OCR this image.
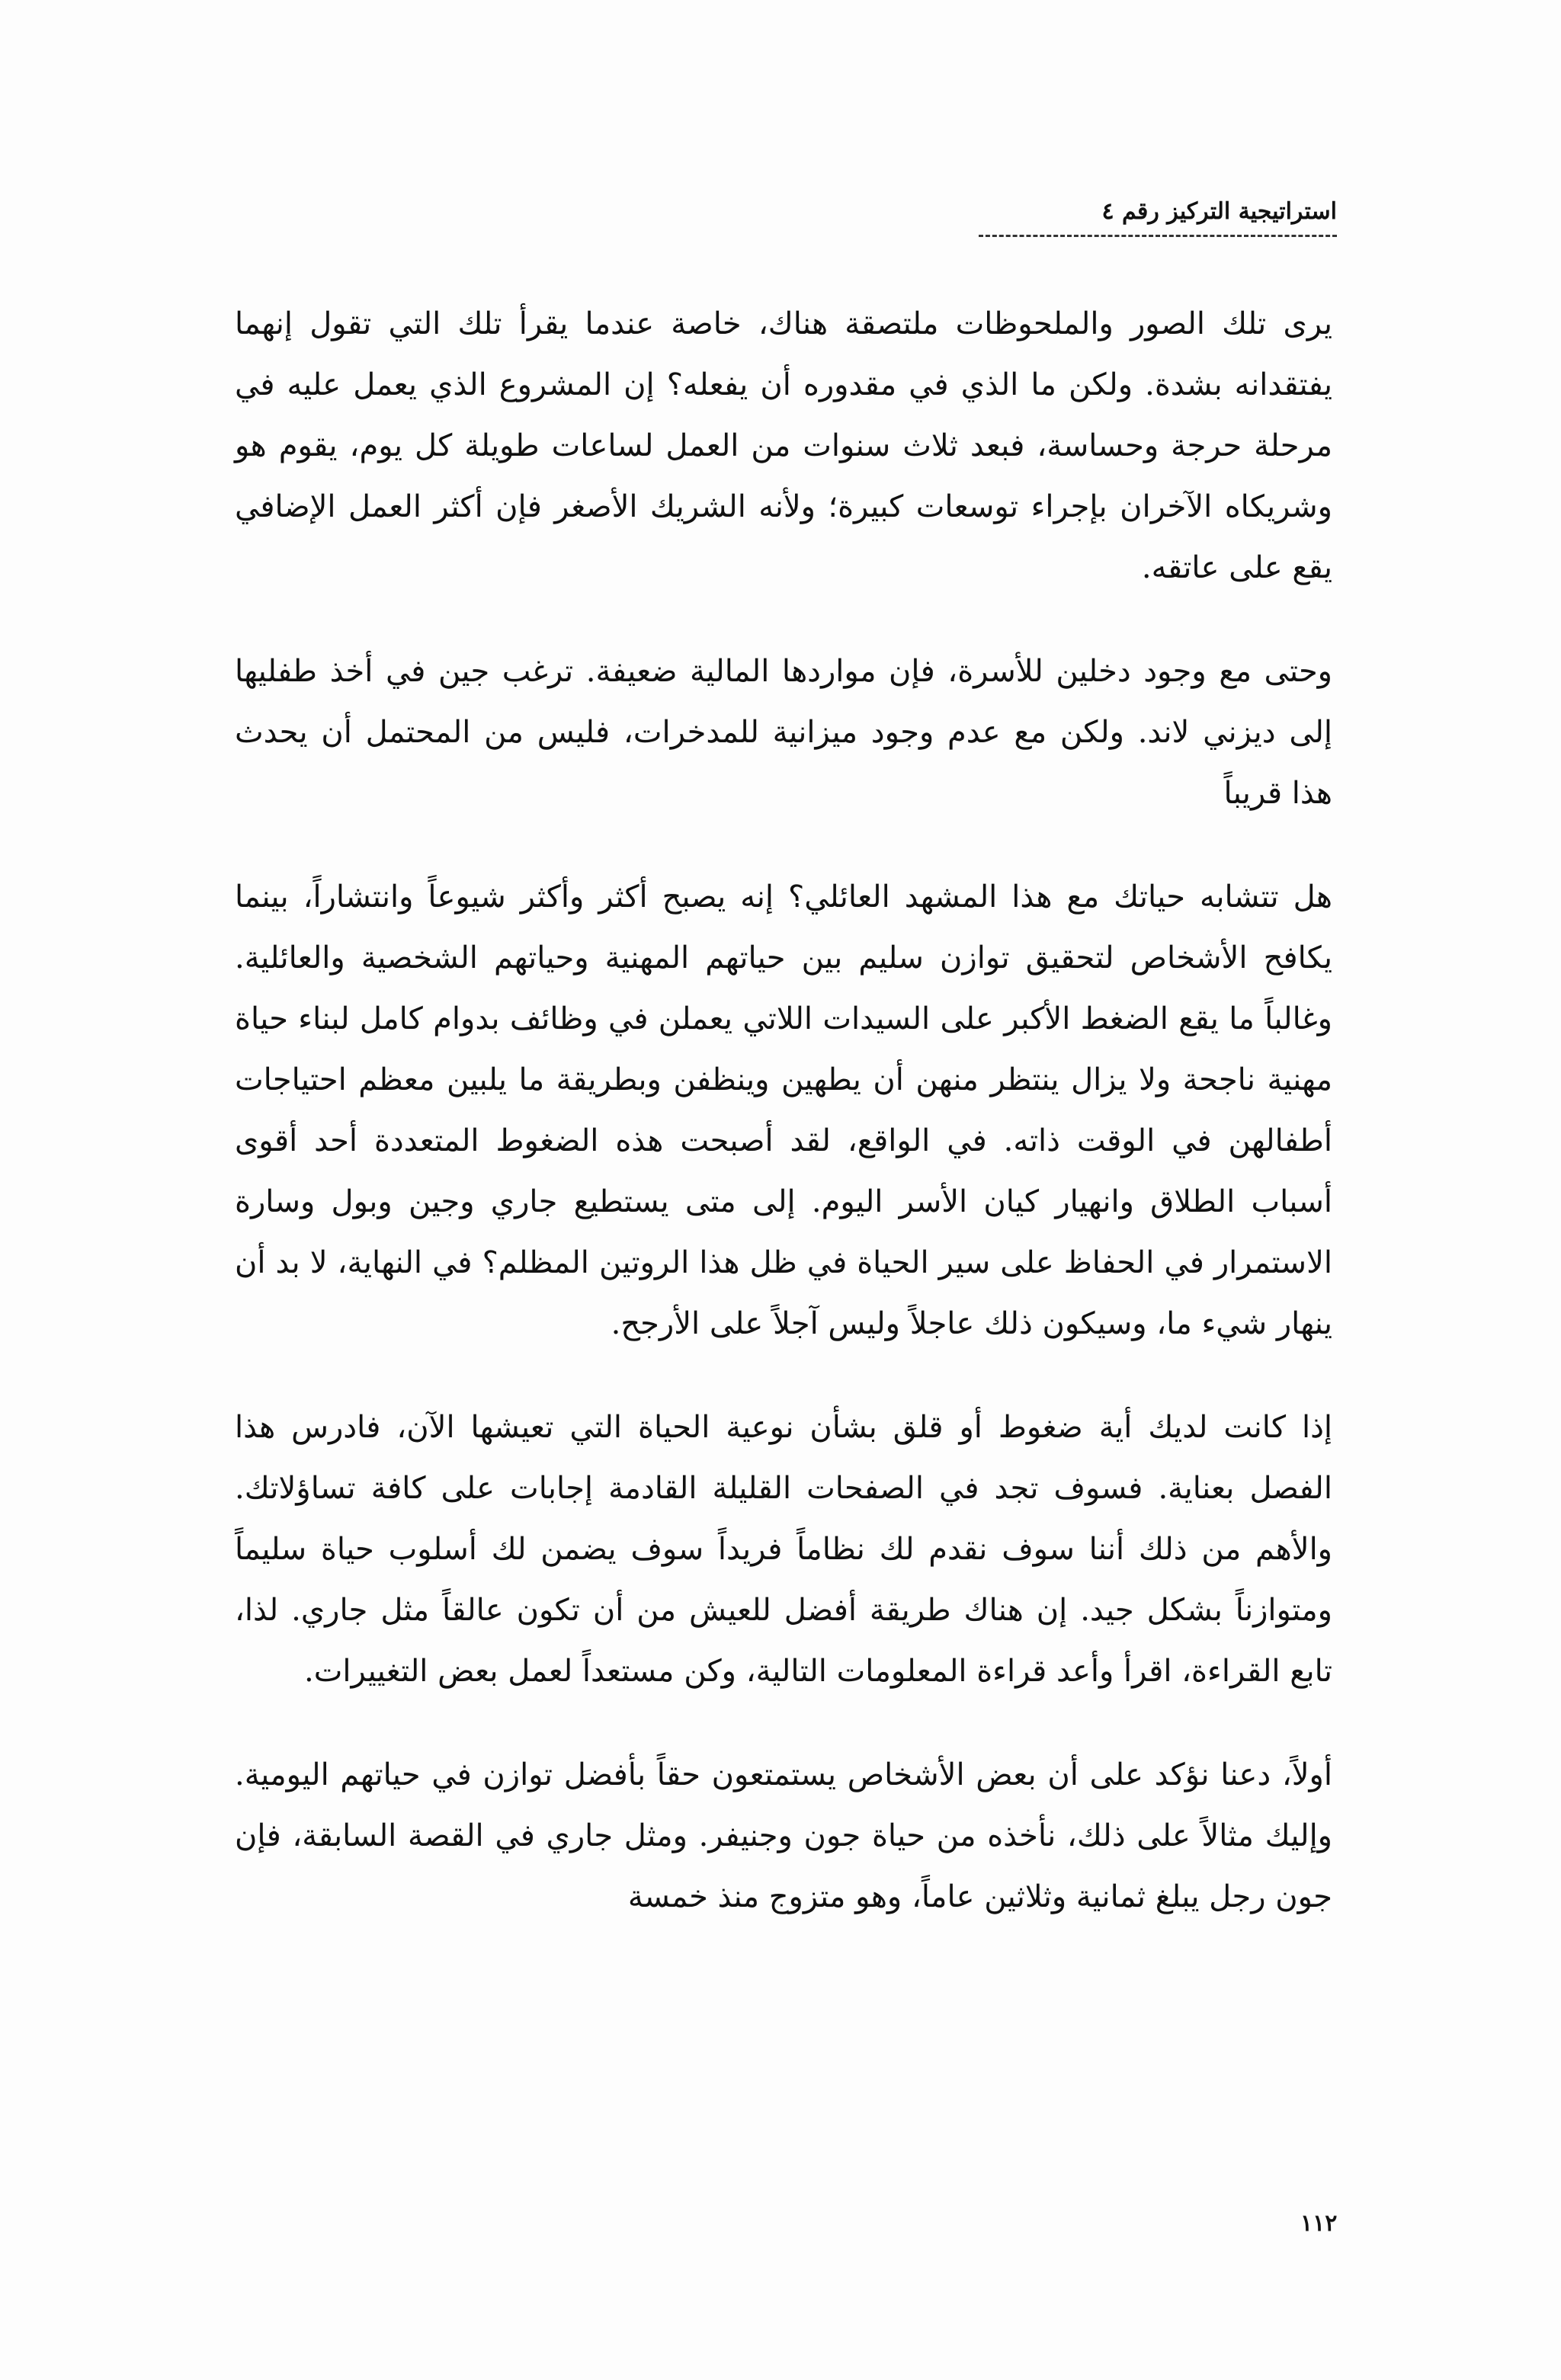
استراتيجية التركيز رقم ٤

يرى تلك الصور والملحوظات ملتصقة هناك، خاصة عندما يقرأ تلك التي تقول إنهما يفتقدانه بشدة. ولكن ما الذي في مقدوره أن يفعله؟ إن المشروع الذي يعمل عليه في مرحلة حرجة وحساسة، فبعد ثلاث سنوات من العمل لساعات طويلة كل يوم، يقوم هو وشريكاه الآخران بإجراء توسعات كبيرة؛ ولأنه الشريك الأصغر فإن أكثر العمل الإضافي يقع على عاتقه.

وحتى مع وجود دخلين للأسرة، فإن مواردها المالية ضعيفة. ترغب جين في أخذ طفليها إلى ديزني لاند. ولكن مع عدم وجود ميزانية للمدخرات، فليس من المحتمل أن يحدث هذا قريباً

هل تتشابه حياتك مع هذا المشهد العائلي؟ إنه يصبح أكثر وأكثر شيوعاً وانتشاراً، بينما يكافح الأشخاص لتحقيق توازن سليم بين حياتهم المهنية وحياتهم الشخصية والعائلية. وغالباً ما يقع الضغط الأكبر على السيدات اللاتي يعملن في وظائف بدوام كامل لبناء حياة مهنية ناجحة ولا يزال ينتظر منهن أن يطهين وينظفن وبطريقة ما يلبين معظم احتياجات أطفالهن في الوقت ذاته. في الواقع، لقد أصبحت هذه الضغوط المتعددة أحد أقوى أسباب الطلاق وانهيار كيان الأسر اليوم. إلى متى يستطيع جاري وجين وبول وسارة الاستمرار في الحفاظ على سير الحياة في ظل هذا الروتين المظلم؟ في النهاية، لا بد أن ينهار شيء ما، وسيكون ذلك عاجلاً وليس آجلاً على الأرجح.

إذا كانت لديك أية ضغوط أو قلق بشأن نوعية الحياة التي تعيشها الآن، فادرس هذا الفصل بعناية. فسوف تجد في الصفحات القليلة القادمة إجابات على كافة تساؤلاتك. والأهم من ذلك أننا سوف نقدم لك نظاماً فريداً سوف يضمن لك أسلوب حياة سليماً ومتوازناً بشكل جيد. إن هناك طريقة أفضل للعيش من أن تكون عالقاً مثل جاري. لذا، تابع القراءة، اقرأ وأعد قراءة المعلومات التالية، وكن مستعداً لعمل بعض التغييرات.

أولاً، دعنا نؤكد على أن بعض الأشخاص يستمتعون حقاً بأفضل توازن في حياتهم اليومية. وإليك مثالاً على ذلك، نأخذه من حياة جون وجنيفر. ومثل جاري في القصة السابقة، فإن جون رجل يبلغ ثمانية وثلاثين عاماً، وهو متزوج منذ خمسة

١١٢
